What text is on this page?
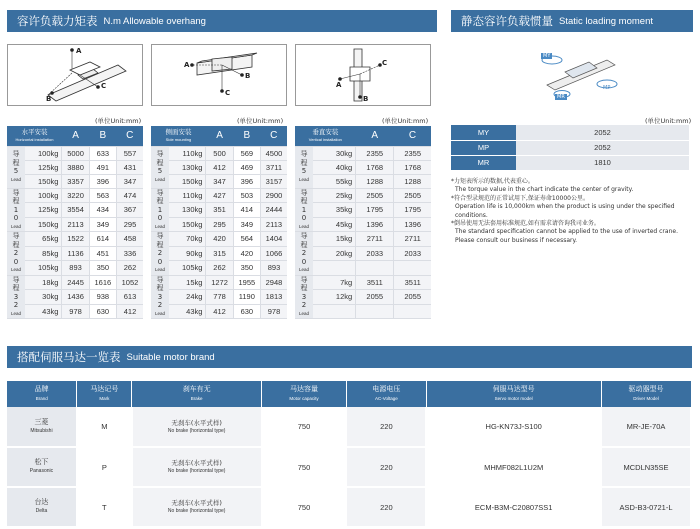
容许负载力矩表 N.m Allowable overhang	静态容许负载惯量 Static loading moment
A
B
C
A
B
C
A
C
B
MY
MR
MP
(单位Unit:mm)	(单位Unit:mm)	(单位Unit:mm)	(单位Unit:mm)
水平安装
Horizontal installation		A	B	C

导程5
Lead	100kg	5000	633	557
	125kg	3880	491	431
	150kg	3357	396	347

导程10
Lead	100kg	3220	563	474
	125kg	3554	434	367
	150kg	2113	349	295

导程20
Lead	65kg	1522	614	458
	85kg	1136	451	336
	105kg	893	350	262

导程32
Lead	18kg	2445	1616	1052
	30kg	1436	938	613
	43kg	978	630	412
侧面安装
Side mounting		A	B	C

导程5
Lead	110kg	500	569	4500
	130kg	412	469	3711
	150kg	347	396	3157

导程10
Lead	110kg	427	503	2900
	130kg	351	414	2444
	150kg	295	349	2113

导程20
Lead	70kg	420	564	1404
	90kg	315	420	1066
	105kg	262	350	893

导程32
Lead	15kg	1272	1955	2948
	24kg	778	1190	1813
	43kg	412	630	978
垂直安装
Vertical installation		A	C

导程5
Lead	30kg	2355	2355
	40kg	1768	1768
	55kg	1288	1288

导程10
Lead	25kg	2505	2505
	35kg	1795	1795
	45kg	1396	1396

导程20
Lead	15kg	2711	2711
	20kg	2033	2033

导程32
Lead	7kg	3511	3511
	12kg	2055	2055

MY	2052
MP	2052
MR	1810
*力矩表所示的数据,代表重心。
The torque value in the chart indicate the center of gravity.
*符合型录规范的正常试用下,保证寿命10000公里。
Operation life is 10,000km when the product is using under the specified conditions.
*倒吊使用无法套用标准规范,如有需求请咨询我司业务。
The standard specification cannot be applied to the use of inverted crane. Please consult our business if necessary.
搭配伺服马达一览表 Suitable motor brand
品牌
Brand	马达记号
Mark	刹车有无
Brake	马达容量
Motor capacity	电源电压
AC-Voltage	伺服马达型号
Servo motor model	驱动器型号
Driver Model

三菱
Mitsubishi	M	无刹车(水平式样)
No brake (horizontal type)	750	220	HG-KN73J-S100	MR-JE-70A
松下
Panasonic	P	无刹车(水平式样)
No brake (horizontal type)	750	220	MHMF082L1U2M	MCDLN35SE
台达
Delta	T	无刹车(水平式样)
No brake (horizontal type)	750	220	ECM-B3M-C20807SS1	ASD-B3-0721-L
